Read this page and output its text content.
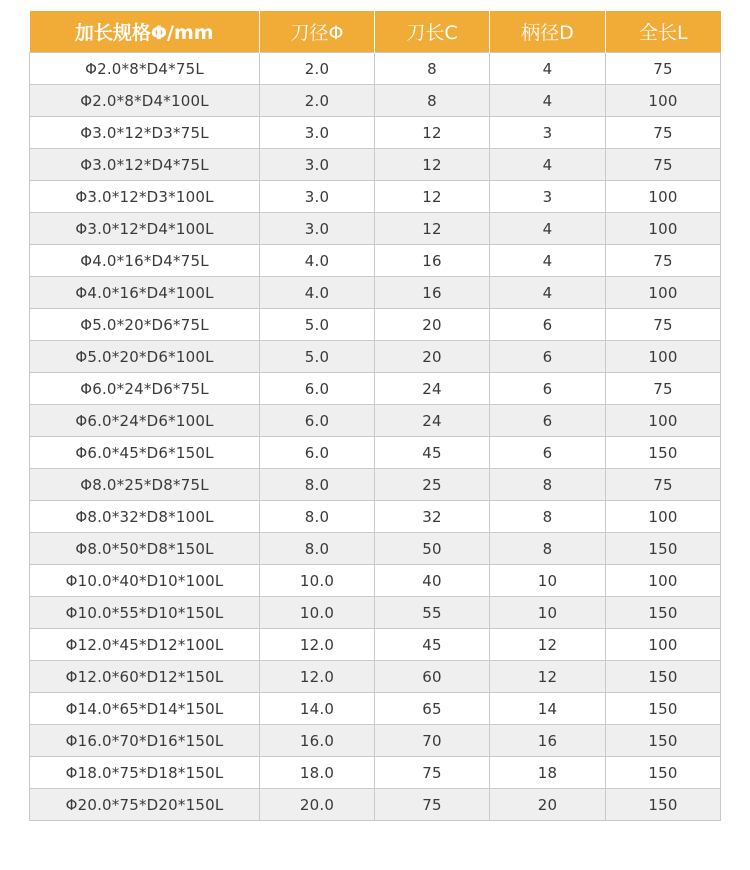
加长规格Φ/mm	刀径Φ	刀长C	柄径D	全长L
Φ2.0*8*D4*75L	2.0	8	4	75
Φ2.0*8*D4*100L	2.0	8	4	100
Φ3.0*12*D3*75L	3.0	12	3	75
Φ3.0*12*D4*75L	3.0	12	4	75
Φ3.0*12*D3*100L	3.0	12	3	100
Φ3.0*12*D4*100L	3.0	12	4	100
Φ4.0*16*D4*75L	4.0	16	4	75
Φ4.0*16*D4*100L	4.0	16	4	100
Φ5.0*20*D6*75L	5.0	20	6	75
Φ5.0*20*D6*100L	5.0	20	6	100
Φ6.0*24*D6*75L	6.0	24	6	75
Φ6.0*24*D6*100L	6.0	24	6	100
Φ6.0*45*D6*150L	6.0	45	6	150
Φ8.0*25*D8*75L	8.0	25	8	75
Φ8.0*32*D8*100L	8.0	32	8	100
Φ8.0*50*D8*150L	8.0	50	8	150
Φ10.0*40*D10*100L	10.0	40	10	100
Φ10.0*55*D10*150L	10.0	55	10	150
Φ12.0*45*D12*100L	12.0	45	12	100
Φ12.0*60*D12*150L	12.0	60	12	150
Φ14.0*65*D14*150L	14.0	65	14	150
Φ16.0*70*D16*150L	16.0	70	16	150
Φ18.0*75*D18*150L	18.0	75	18	150
Φ20.0*75*D20*150L	20.0	75	20	150
